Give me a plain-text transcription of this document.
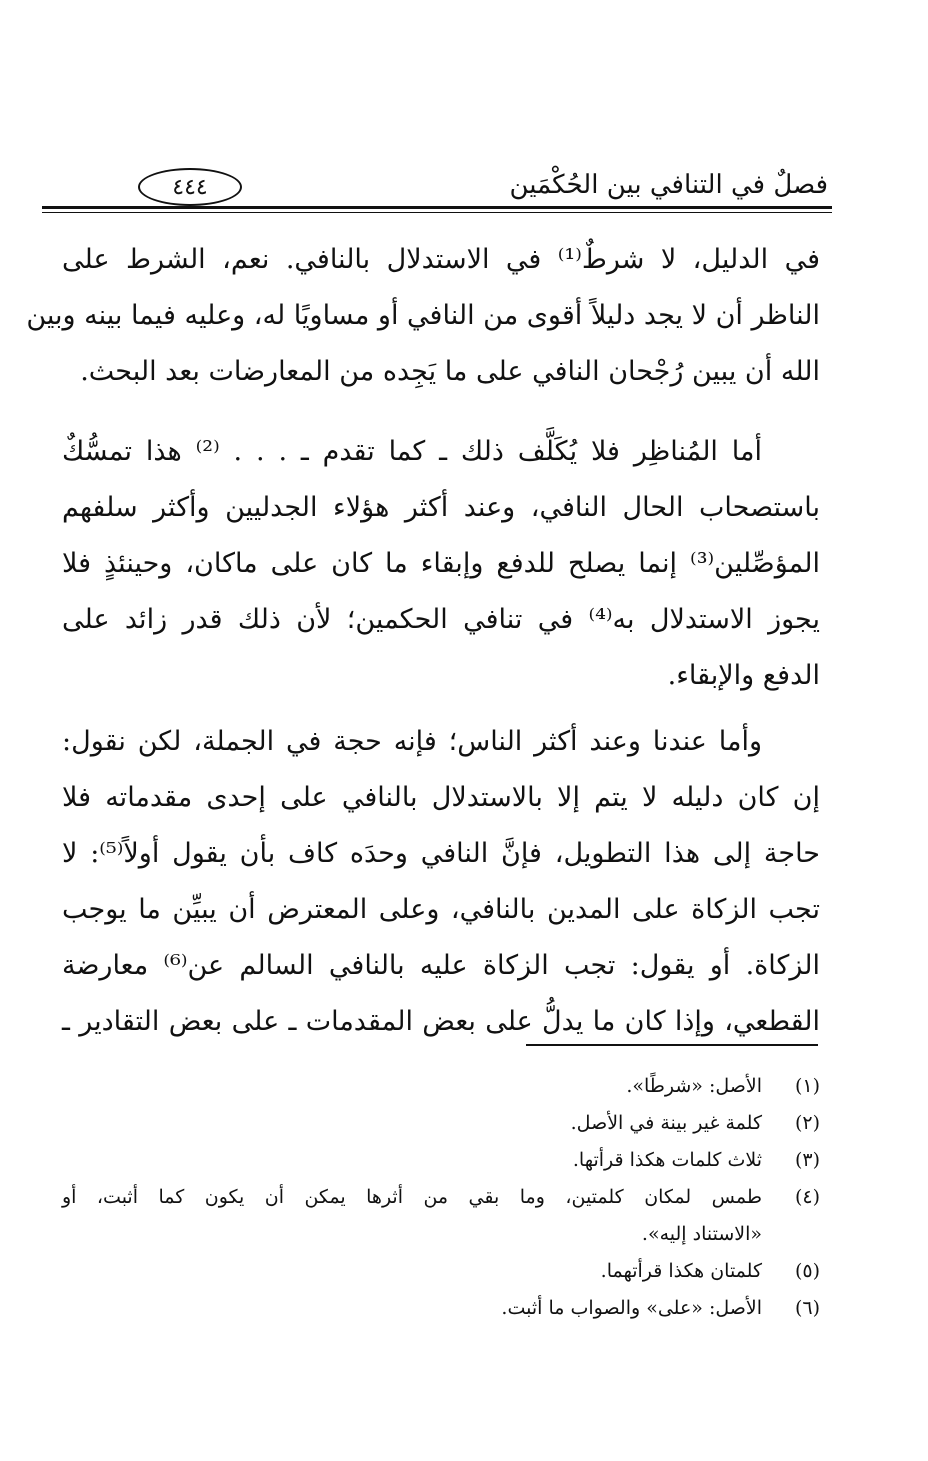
فصلٌ في التنافي بين الحُكْمَين
٤٤٤
في الدليل، لا شرطٌ⁽¹⁾ في الاستدلال بالنافي. نعم، الشرط على
الناظر أن لا يجد دليلاً أقوى من النافي أو مساويًا له، وعليه فيما بينه وبين
الله أن يبين رُجْحان النافي على ما يَجِده من المعارضات بعد البحث.
أما المُناظِر فلا يُكَلَّف ذلك ـ كما تقدم ـ . . . ⁽²⁾ هذا تمسُّكٌ
باستصحاب الحال النافي، وعند أكثر هؤلاء الجدليين وأكثر سلفهم
المؤصِّلين⁽³⁾ إنما يصلح للدفع وإبقاء ما كان على ماكان، وحينئذٍ فلا
يجوز الاستدلال به⁽⁴⁾ في تنافي الحكمين؛ لأن ذلك قدر زائد على
الدفع والإبقاء.
وأما عندنا وعند أكثر الناس؛ فإنه حجة في الجملة، لكن نقول:
إن كان دليله لا يتم إلا بالاستدلال بالنافي على إحدى مقدماته فلا
حاجة إلى هذا التطويل، فإنَّ النافي وحدَه كاف بأن يقول أولاً⁽⁵⁾: لا
تجب الزكاة على المدين بالنافي، وعلى المعترض أن يبيِّن ما يوجب
الزكاة. أو يقول: تجب الزكاة عليه بالنافي السالم عن⁽⁶⁾ معارضة
القطعي، وإذا كان ما يدلُّ على بعض المقدمات ـ على بعض التقادير ـ
(١)
الأصل: «شرطًا».
(٢)
كلمة غير بينة في الأصل.
(٣)
ثلاث كلمات هكذا قرأتها.
(٤)
طمس لمكان كلمتين، وما بقي من أثرها يمكن أن يكون كما أثبت، أو
«الاستناد إليه».
(٥)
كلمتان هكذا قرأتهما.
(٦)
الأصل: «على» والصواب ما أثبت.
